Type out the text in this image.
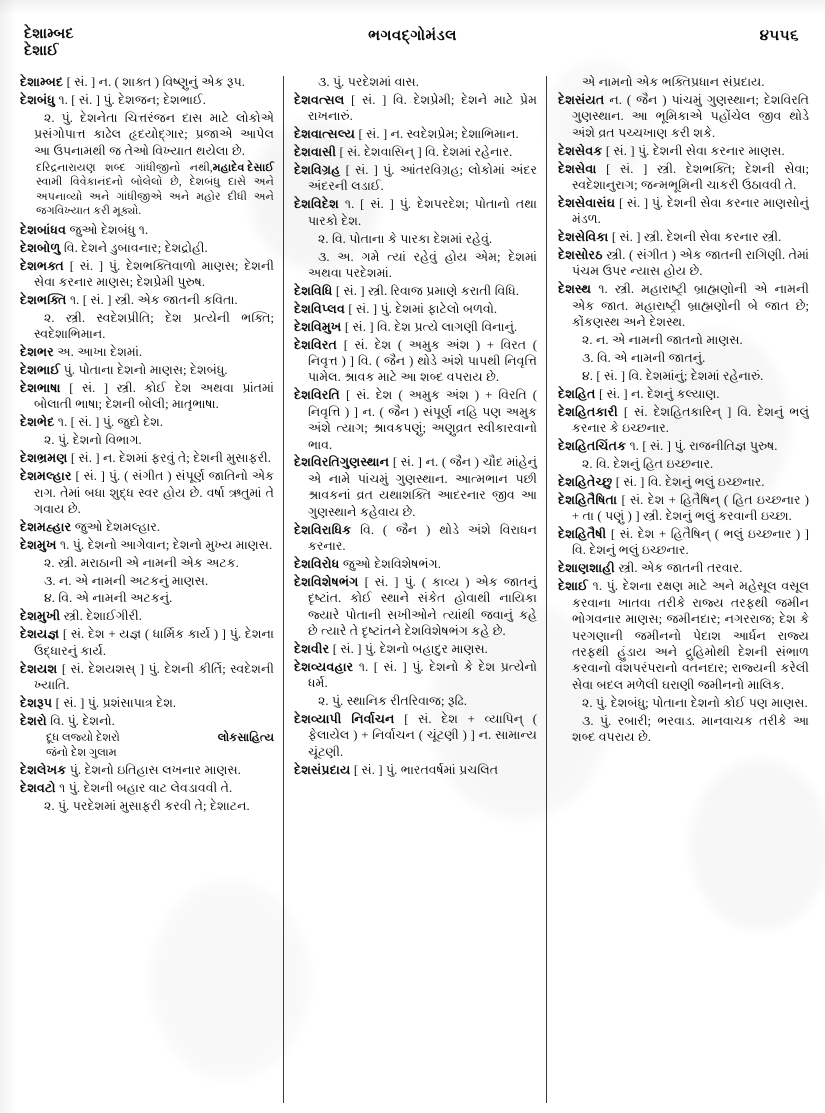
દેશામ્બદ
દેશાઈ
ભગવદ્ગોમંડલ	૪૫૫૬

દેશામ્બદ [ સં. ] ન. ( શાક્ત ) વિષ્ણુનું એક રૂપ.

દેશબંધુ ૧. [ સં. ] પું. દેશજન; દેશભાઈ.

૨. પું. દેશનેતા ચિત્તરંજન દાસ માટે લોકોએ પ્રસંગોપાત્ત કાઢેલ હૃદયોદ્‍ગાર; પ્રજાએ આપેલ આ ઉપનામથી જ તેઓ વિખ્યાત થયેલા છે.

મહાદેવ દેસાઈ
દરિદ્રનારાયણ શબ્દ ગાંધીજીનો નથી, સ્વામી વિવેકાનંદનો બોલેલો છે, દેશબંધુ દાસે અને અપનાવ્યો અને ગાંધીજીએ અને મહોર દીધી અને જગવિખ્યાત કરી મૂક્યો.

દેશબાંધવ જુઓ દેશબંધુ ૧.

દેશબોળુ વિ. દેશને ડુબાવનાર; દેશદ્રોહી.

દેશભક્ત [ સં. ] પું. દેશભક્તિવાળો માણસ; દેશની સેવા કરનાર માણસ; દેશપ્રેમી પુરુષ.

દેશભક્તિ ૧. [ સં. ] સ્ત્રી. એક જાતની કવિતા.

૨. સ્ત્રી. સ્વદેશપ્રીતિ; દેશ પ્રત્યેની ભક્તિ; સ્વદેશાભિમાન.

દેશભર અ. આખા દેશમાં.

દેશભાઈ પું. પોતાના દેશનો માણસ; દેશબંધુ.

દેશભાષા [ સં. ] સ્ત્રી. કોઈ દેશ અથવા પ્રાંતમાં બોલાતી ભાષા; દેશની બોલી; માતૃભાષા.

દેશભેદ ૧. [ સં. ] પું. જુદો દેશ.

૨. પું. દેશનો વિભાગ.

દેશભ્રમણ [ સં. ] ન. દેશમાં ફરવું તે; દેશની મુસાફરી.

દેશમલ્હાર [ સં. ] પું. ( સંગીત ) સંપૂર્ણ જાતિનો એક રાગ. તેમાં બધા શુદ્ધ સ્વર હોય છે. વર્ષા ઋતુમાં તે ગવાય છે.

દેશમહ્હાર જુઓ દેશમલ્હાર.

દેશમુખ ૧. પું. દેશનો આગેવાન; દેશનો મુખ્ય માણસ.

૨. સ્ત્રી. મરાઠાની એ નામની એક અટક.

૩. ન. એ નામની અટકનું માણસ.

૪. વિ. એ નામની અટકનું.

દેશમુખી સ્ત્રી. દેશાઈગીરી.

દેશયજ્ઞ [ સં. દેશ + યજ્ઞ ( ધાર્મિક કાર્ય ) ] પું. દેશના ઉદ્ધારનું કાર્ય.

દેશયશ [ સં. દેશયશસ્ ] પું. દેશની કીર્તિ; સ્વદેશની ખ્યાતિ.

દેશરૂપ [ સં. ] પું. પ્રશંસાપાત્ર દેશ.

દેશરો વિ. પું. દેશનો.

લોકસાહિત્ય
દૂધ લજ્યો દેશરો
જંનો દેશ ગુલામ

દેશલેખક પું. દેશનો ઇતિહાસ લખનાર માણસ.

દેશવટો ૧ પું. દેશની બહાર વાટ લેવડાવવી તે.

૨. પું. પરદેશમાં મુસાફરી કરવી તે; દેશાટન.

૩. પું. પરદેશમાં વાસ.

દેશવત્સલ [ સં. ] વિ. દેશપ્રેમી; દેશને માટે પ્રેમ રાખનારું.

દેશવાત્સલ્ય [ સં. ] ન. સ્વદેશપ્રેમ; દેશાભિમાન.

દેશવાસી [ સં. દેશવાસિન્ ] વિ. દેશમાં રહેનાર.

દેશવિગ્રહ [ સં. ] પું. આંતરવિગ્રહ; લોકોમાં અંદર અંદરની લડાઈ.

દેશવિદેશ ૧. [ સં. ] પું. દેશપરદેશ; પોતાનો તથા પારકો દેશ.

૨. વિ. પોતાના કે પારકા દેશમાં રહેવું.

૩. અ. ગમે ત્યાં રહેવું હોય એમ; દેશમાં અથવા પરદેશમાં.

દેશવિધિ [ સં. ] સ્ત્રી. રિવાજ પ્રમાણે કરાતી વિધિ.

દેશવિપ્લવ [ સં. ] પું. દેશમાં ફાટેલો બળવો.

દેશવિમુખ [ સં. ] વિ. દેશ પ્રત્યે લાગણી વિનાનું.

દેશવિરત [ સં. દેશ ( અમુક અંશ ) + વિરત ( નિવૃત્ત ) ] વિ. ( જૈન ) થોડે અંશે પાપથી નિવૃત્તિ પામેલ. શ્રાવક માટે આ શબ્દ વપરાય છે.

દેશવિરતિ [ સં. દેશ ( અમુક અંશ ) + વિરતિ ( નિવૃત્તિ ) ] ન. ( જૈન ) સંપૂર્ણ નહિ પણ અમુક અંશે ત્યાગ; શ્રાવકપણું; અણુવ્રત સ્વીકારવાનો ભાવ.

દેશવિરતિગુણસ્થાન [ સં. ] ન. ( જૈન ) ચૌદ માંહેનું એ નામે પાંચમું ગુણસ્થાન. આત્મભાન પછી શ્રાવકનાં વ્રત યથાશક્તિ આદરનાર જીવ આ ગુણસ્થાને કહેવાય છે.

દેશવિરાધિક વિ. ( જૈન ) થોડે અંશે વિરાધન કરનાર.

દેશવિરોધ જુઓ દેશવિશેષભંગ.

દેશવિશેષભંગ [ સં. ] પું. ( કાવ્ય ) એક જાતનું દૃષ્ટાંત. કોઈ સ્થાને સંકેત હોવાથી નાયિકા જ્યારે પોતાની સખીઓને ત્યાંથી જવાનું કહે છે ત્યારે તે દૃષ્ટાંતને દેશવિશેષભંગ કહે છે.

દેશવીર [ સં. ] પું. દેશનો બહાદુર માણસ.

દેશવ્યવહાર ૧. [ સં. ] પું. દેશનો કે દેશ પ્રત્યેનો ધર્મ.

૨. પું. સ્થાનિક રીતરિવાજ; રૂઢિ.

દેશવ્યાપી નિર્વાચન [ સં. દેશ + વ્યાપિન્ ( ફેલાયેલ ) + નિર્વાચન ( ચૂંટણી ) ] ન. સામાન્ય ચૂંટણી.

દેશસંપ્રદાય [ સં. ] પું. ભારતવર્ષમાં પ્રચલિત

એ નામનો એક ભક્તિપ્રધાન સંપ્રદાય.

દેશસંયત ન. ( જૈન ) પાંચમું ગુણસ્થાન; દેશવિરતિ ગુણસ્થાન. આ ભૂમિકાએ પહોંચેલ જીવ થોડે અંશે વ્રત પચ્ચખાણ કરી શકે.

દેશસેવક [ સં. ] પું. દેશની સેવા કરનાર માણસ.

દેશસેવા [ સં. ] સ્ત્રી. દેશભક્તિ; દેશની સેવા; સ્વદેશાનુરાગ; જન્મભૂમિની ચાકરી ઉઠાવવી તે.

દેશસેવાસંઘ [ સં. ] પું. દેશની સેવા કરનાર માણસોનું મંડળ.

દેશસેવિકા [ સં. ] સ્ત્રી. દેશની સેવા કરનાર સ્ત્રી.

દેશસોરઠ સ્ત્રી. ( સંગીત ) એક જાતની રાગિણી. તેમાં પંચમ ઉપર ન્યાસ હોય છે.

દેશસ્થ ૧. સ્ત્રી. મહારાષ્ટ્રી બ્રાહ્મણોની એ નામની એક જાત. મહારાષ્ટ્રી બ્રાહ્મણોની બે જાત છે; કોંકણસ્થ અને દેશસ્થ.

૨. ન. એ નામની જાતનો માણસ.

૩. વિ. એ નામની જાતનું.

૪. [ સં. ] વિ. દેશમાંનું; દેશમાં રહેનારું.

દેશહિત [ સં. ] ન. દેશનું કલ્યાણ.

દેશહિતકારી [ સં. દેશહિતકારિન્ ] વિ. દેશનું ભલું કરનાર કે ઇચ્છનાર.

દેશહિતચિંતક ૧. [ સં. ] પું. રાજનીતિજ્ઞ પુરુષ.

૨. વિ. દેશનું હિત ઇચ્છનાર.

દેશહિતેચ્છુ [ સં. ] વિ. દેશનું ભલું ઇચ્છનાર.

દેશહિતૈષિતા [ સં. દેશ + હિતૈષિન્ ( હિત ઇચ્છનાર ) + તા ( પણું ) ] સ્ત્રી. દેશનું ભલું કરવાની ઇચ્છા.

દેશહિતૈષી [ સં. દેશ + હિતૈષિન્ ( ભલું ઇચ્છનાર ) ] વિ. દેશનું ભલું ઇચ્છનાર.

દેશાણશાહી સ્ત્રી. એક જાતની તરવાર.

દેશાઈ ૧. પું. દેશના રક્ષણ માટે અને મહેસૂલ વસૂલ કરવાના ખાતવા તરીકે રાજ્ય તરફથી જમીન ભોગવનાર માણસ; જમીનદાર; નગરરાજ; દેશ કે પરગણાની જમીનનો પેદાશ આર્ધન રાજ્ય તરફથી હુંડાય અને દ્રુહિમોથી દેશની સંભાળ કરવાનો વંશપરંપરાનો વતનદાર; રાજ્યની કરેલી સેવા બદલ મળેલી ઘરાણી જમીનનો માલિક.

૨. પું. દેશબંધુ; પોતાના દેશનો કોઈ પણ માણસ.

૩. પું. રબારી; ભરવાડ. માનવાચક તરીકે આ શબ્દ વપરાય છે.
